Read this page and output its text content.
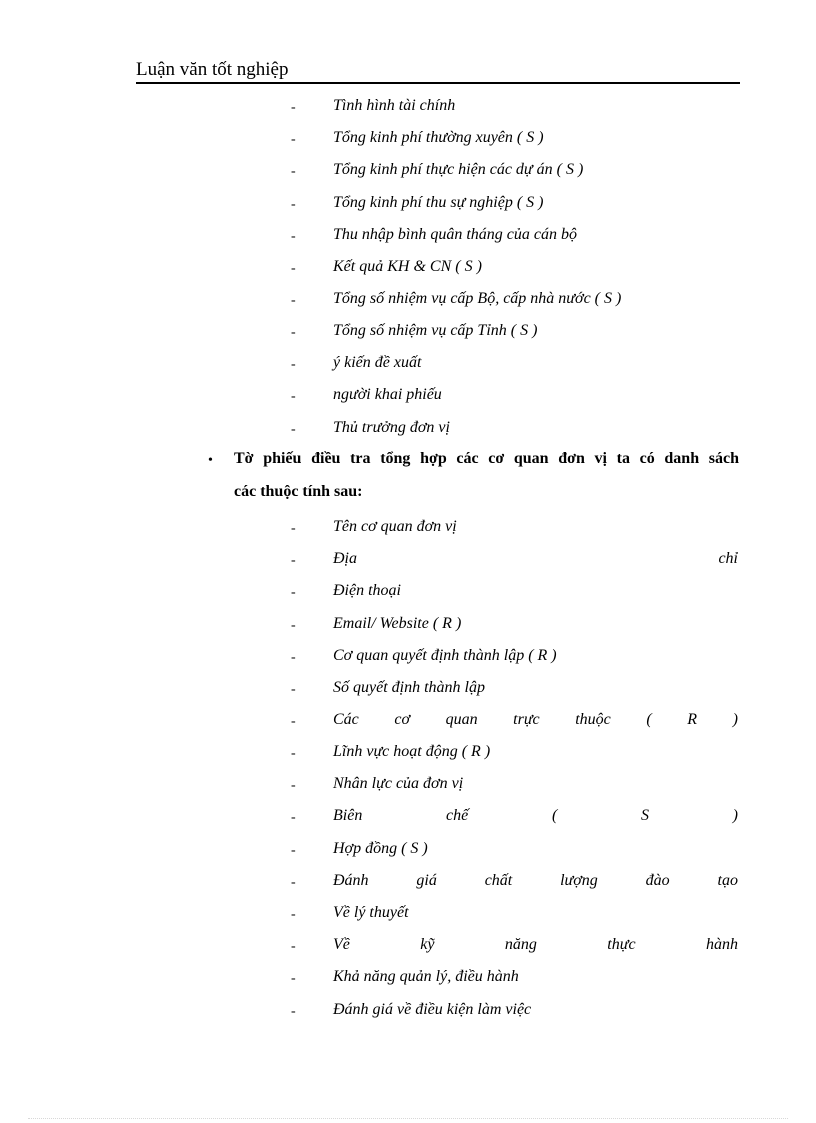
Luận văn tốt nghiệp
- Tình hình tài chính
- Tổng kinh phí thường xuyên ( S )
- Tổng kinh phí thực hiện các dự án ( S )
- Tổng kinh phí thu sự nghiệp ( S )
- Thu nhập bình quân tháng của cán bộ
- Kết quả KH & CN ( S )
- Tổng số nhiệm vụ cấp Bộ, cấp nhà nước ( S )
- Tổng số nhiệm vụ cấp Tỉnh ( S )
- ý kiến đề xuất
- người khai phiếu
- Thủ trưởng đơn vị
• Tờ phiếu điều tra tổng hợp các cơ quan đơn vị ta có danh sách
các thuộc tính sau:
- Tên cơ quan đơn vị
- Địa	chỉ
- Điện thoại
- Email/ Website ( R )
- Cơ quan quyết định thành lập ( R )
- Số quyết định thành lập
- Các cơ quan trực thuộc ( R )
- Lĩnh vực hoạt động ( R )
- Nhân lực của đơn vị
- Biên	chế	(	S	)
- Hợp đồng ( S )
- Đánh	giá	chất	lượng	đào	tạo
- Về lý thuyết
- Về	kỹ	năng	thực	hành
- Khả năng quản lý, điều hành
- Đánh giá về điều kiện làm việc
